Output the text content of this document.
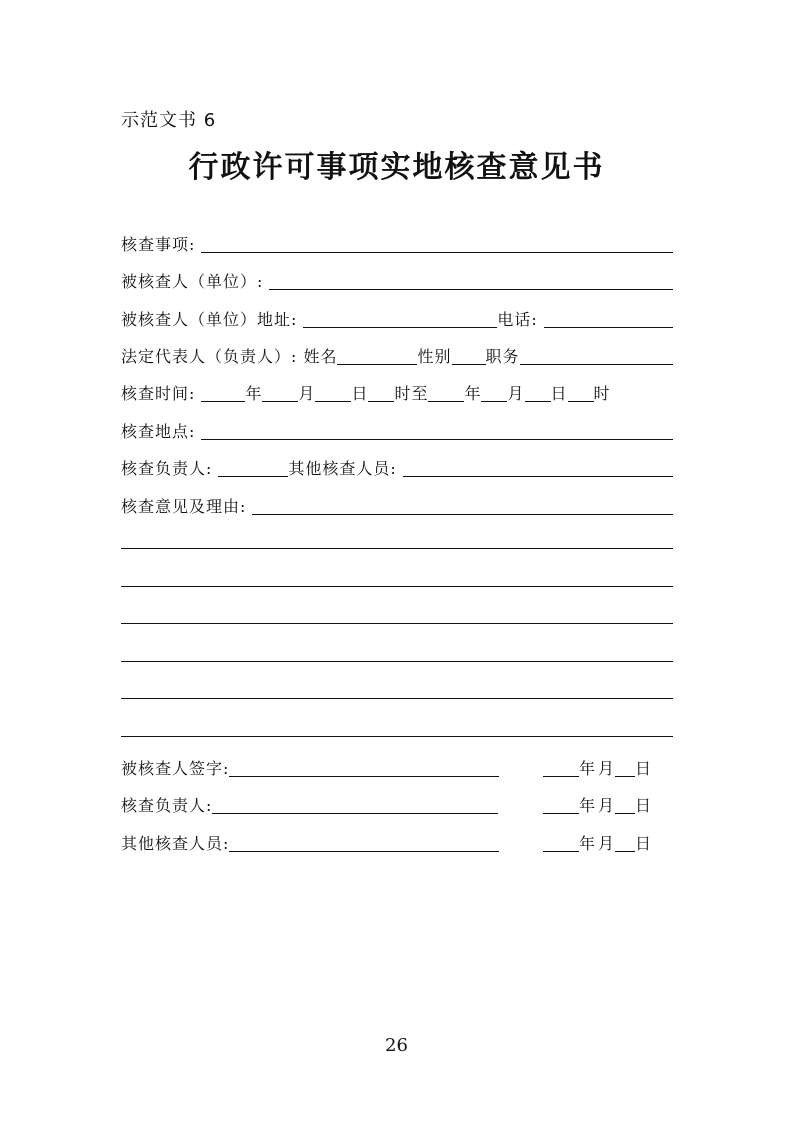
示范文书 6
行政许可事项实地核查意见书
核查事项:
被核查人（单位）:
被核查人（单位）地址:	电话:
法定代表人（负责人）: 姓名	性别 职务
核查时间:	年 月 日 时至 年 月 日 时
核查地点:
核查负责人:	其他核查人员:
核查意见及理由:
被核查人签字:	年 月 日
核查负责人:	年 月 日
其他核查人员:	年 月 日
26
